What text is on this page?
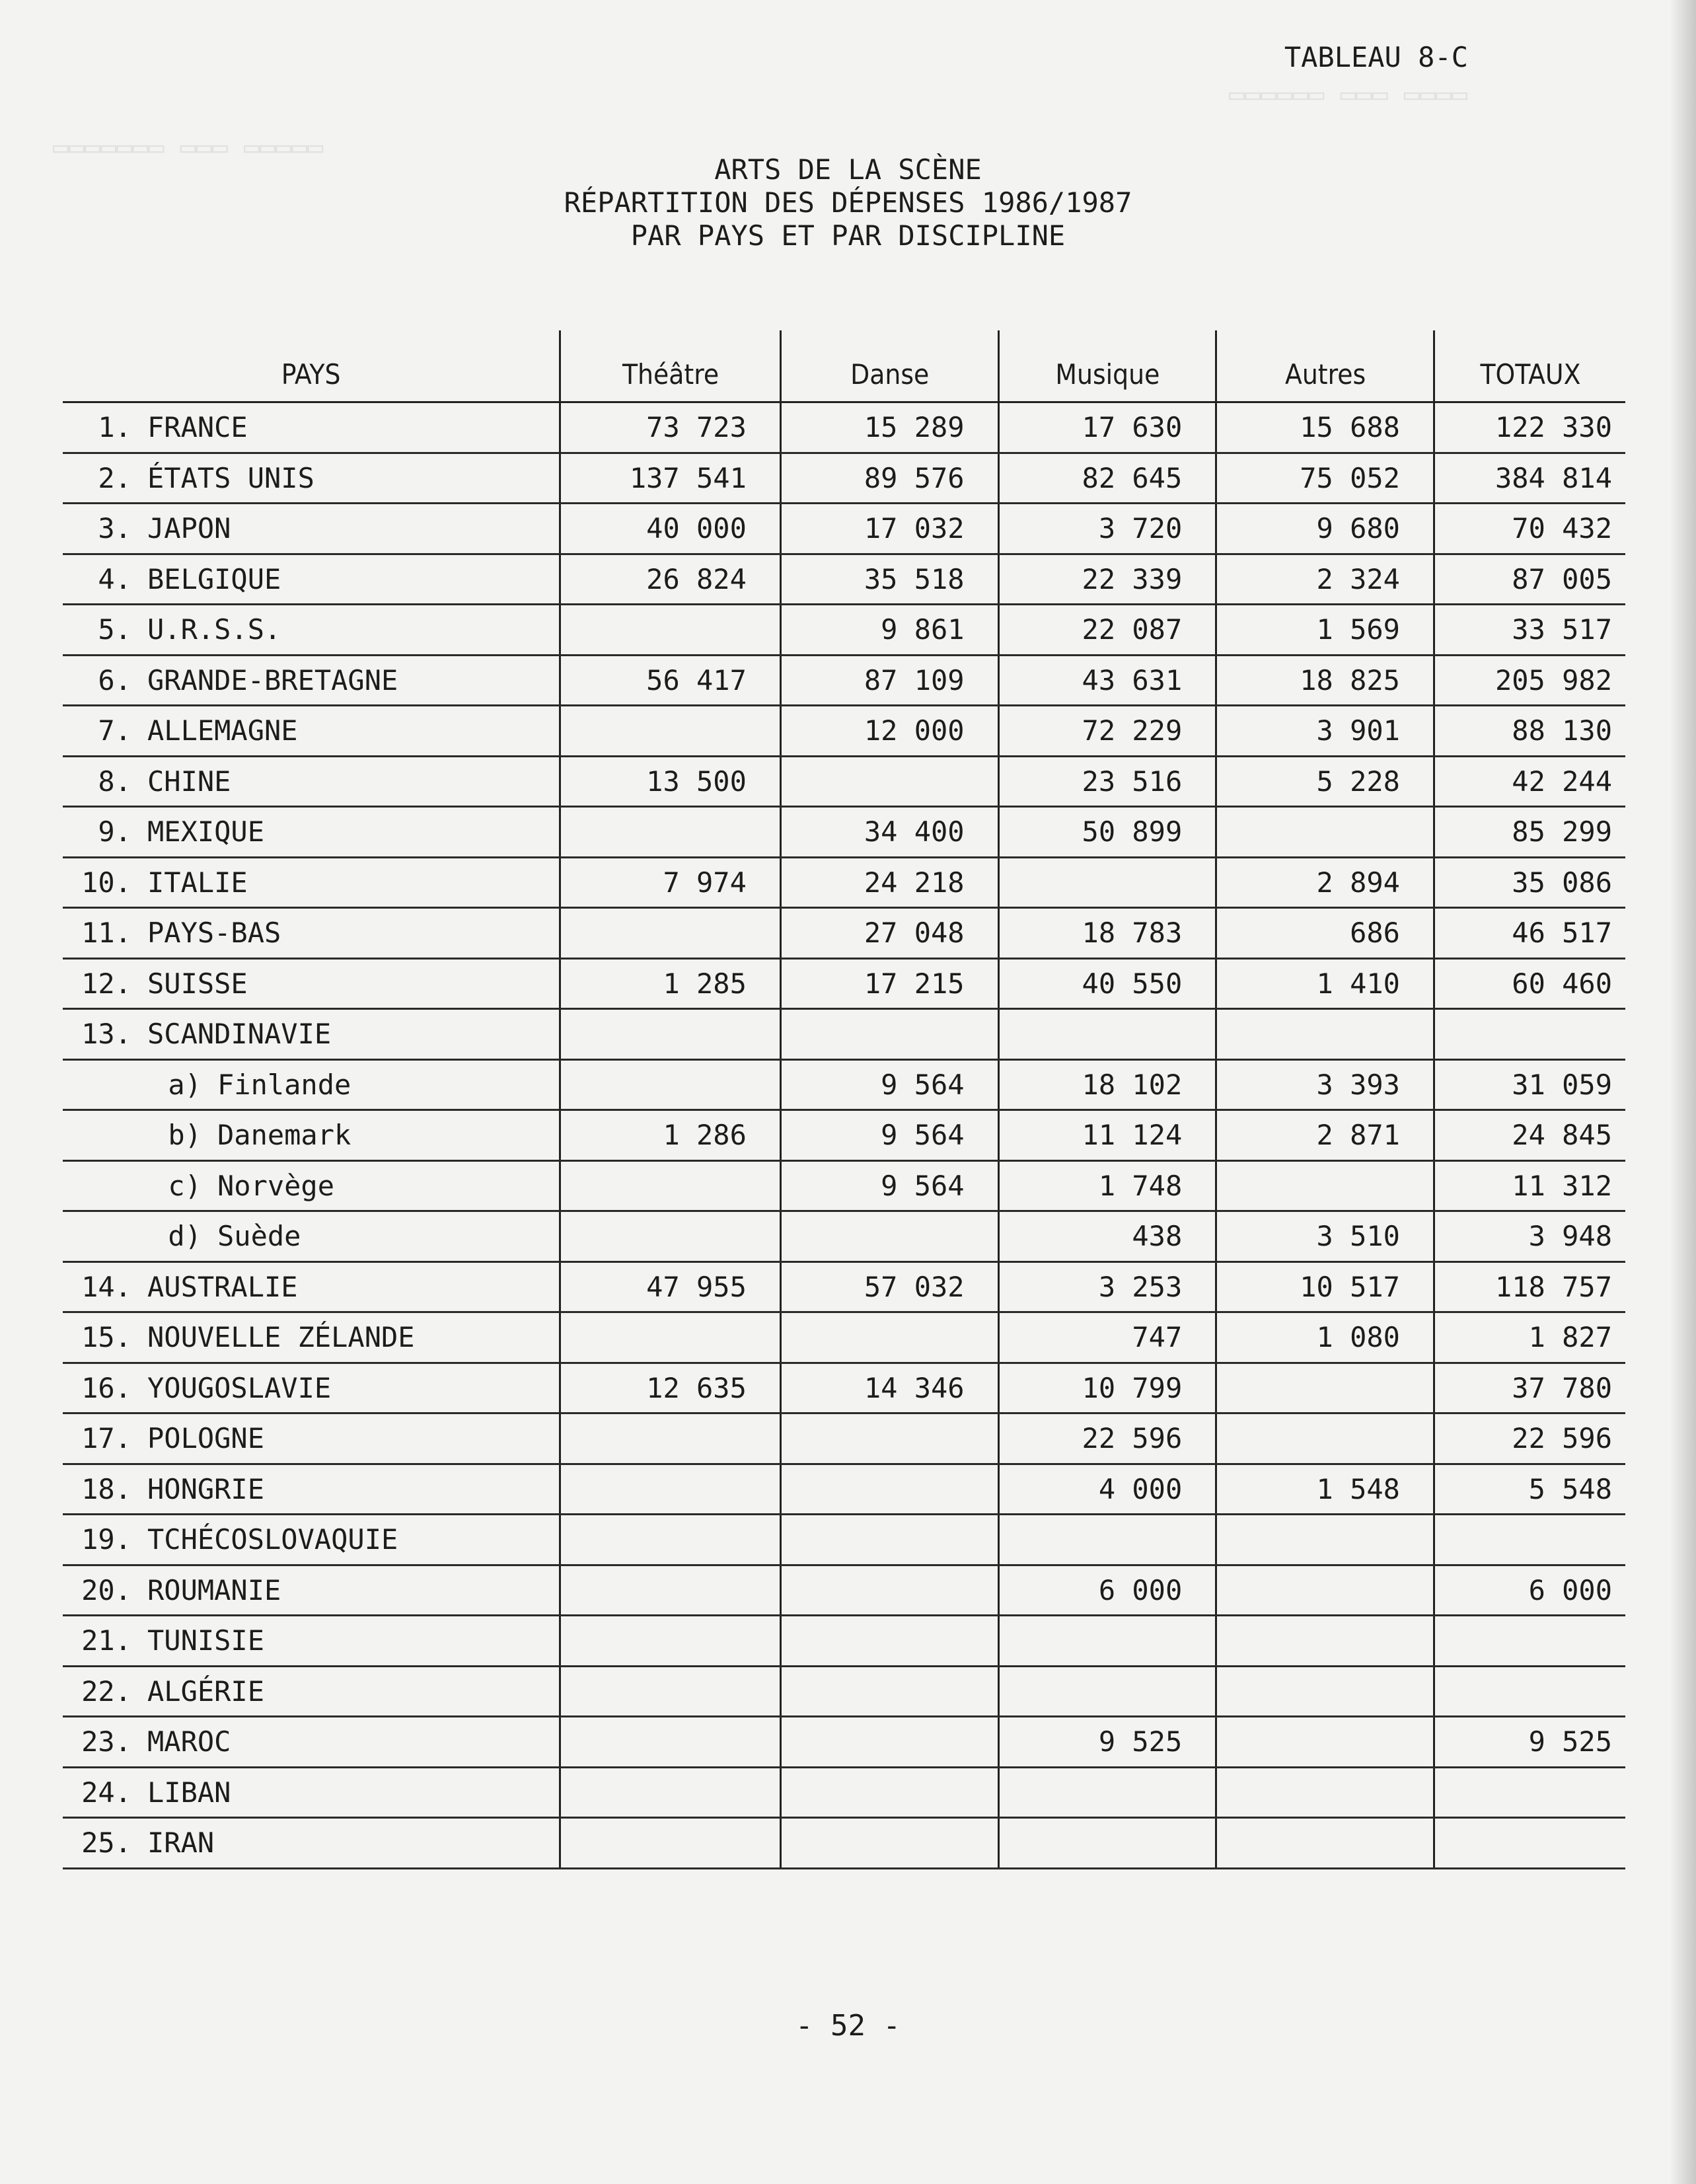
▭▭▭▭▭▭ ▭▭▭ ▭▭▭▭
▭▭▭▭▭▭▭ ▭▭▭ ▭▭▭▭▭
TABLEAU 8-C
ARTS DE LA SCÈNE
RÉPARTITION DES DÉPENSES 1986/1987
PAR PAYS ET PAR DISCIPLINE
PAYS	Théâtre	Danse	Musique	Autres	TOTAUX
1. FRANCE	73 723	15 289	17 630	15 688	122 330
2. ÉTATS UNIS	137 541	89 576	82 645	75 052	384 814
3. JAPON	40 000	17 032	3 720	9 680	70 432
4. BELGIQUE	26 824	35 518	22 339	2 324	87 005
5. U.R.S.S.		9 861	22 087	1 569	33 517
6. GRANDE-BRETAGNE	56 417	87 109	43 631	18 825	205 982
7. ALLEMAGNE		12 000	72 229	3 901	88 130
8. CHINE	13 500		23 516	5 228	42 244
9. MEXIQUE		34 400	50 899		85 299
10. ITALIE	7 974	24 218		2 894	35 086
11. PAYS-BAS		27 048	18 783	686	46 517
12. SUISSE	1 285	17 215	40 550	1 410	60 460
13. SCANDINAVIE					
a) Finlande		9 564	18 102	3 393	31 059
b) Danemark	1 286	9 564	11 124	2 871	24 845
c) Norvège		9 564	1 748		11 312
d) Suède			438	3 510	3 948
14. AUSTRALIE	47 955	57 032	3 253	10 517	118 757
15. NOUVELLE ZÉLANDE			747	1 080	1 827
16. YOUGOSLAVIE	12 635	14 346	10 799		37 780
17. POLOGNE			22 596		22 596
18. HONGRIE			4 000	1 548	5 548
19. TCHÉCOSLOVAQUIE					
20. ROUMANIE			6 000		6 000
21. TUNISIE					
22. ALGÉRIE					
23. MAROC			9 525		9 525
24. LIBAN					
25. IRAN					
- 52 -
